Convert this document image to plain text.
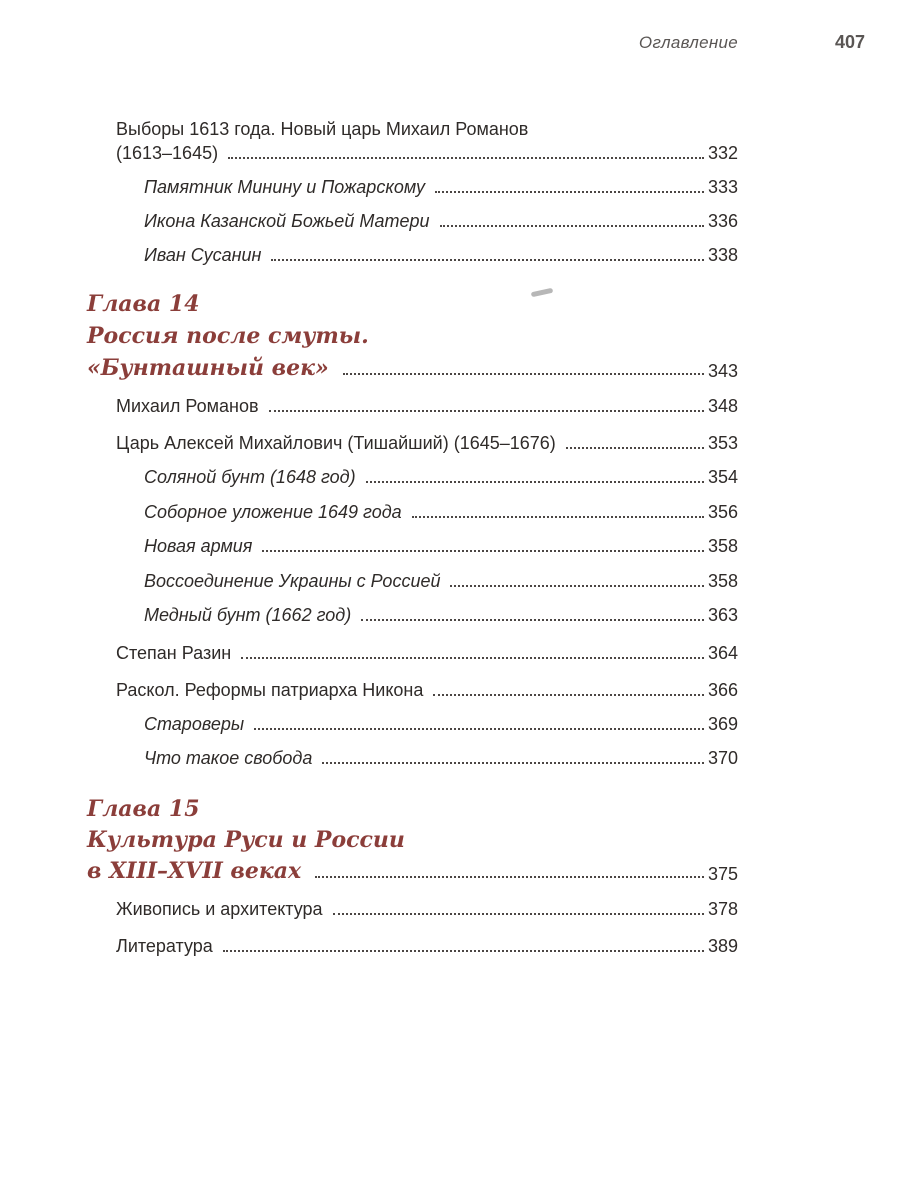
Оглавление	407
Выборы 1613 года. Новый царь Михаил Романов
(1613–1645)	332
Памятник Минину и Пожарскому	333
Икона Казанской Божьей Матери	336
Иван Сусанин	338
Глава 14
Россия после смуты.
«Бунташный век»	343
Михаил Романов	348
Царь Алексей Михайлович (Тишайший) (1645–1676)	353
Соляной бунт (1648 год)	354
Соборное уложение 1649 года	356
Новая армия	358
Воссоединение Украины с Россией	358
Медный бунт (1662 год)	363
Степан Разин	364
Раскол. Реформы патриарха Никона	366
Староверы	369
Что такое свобода	370
Глава 15
Культура Руси и России
в XIII–XVII веках	375
Живопись и архитектура	378
Литература	389
